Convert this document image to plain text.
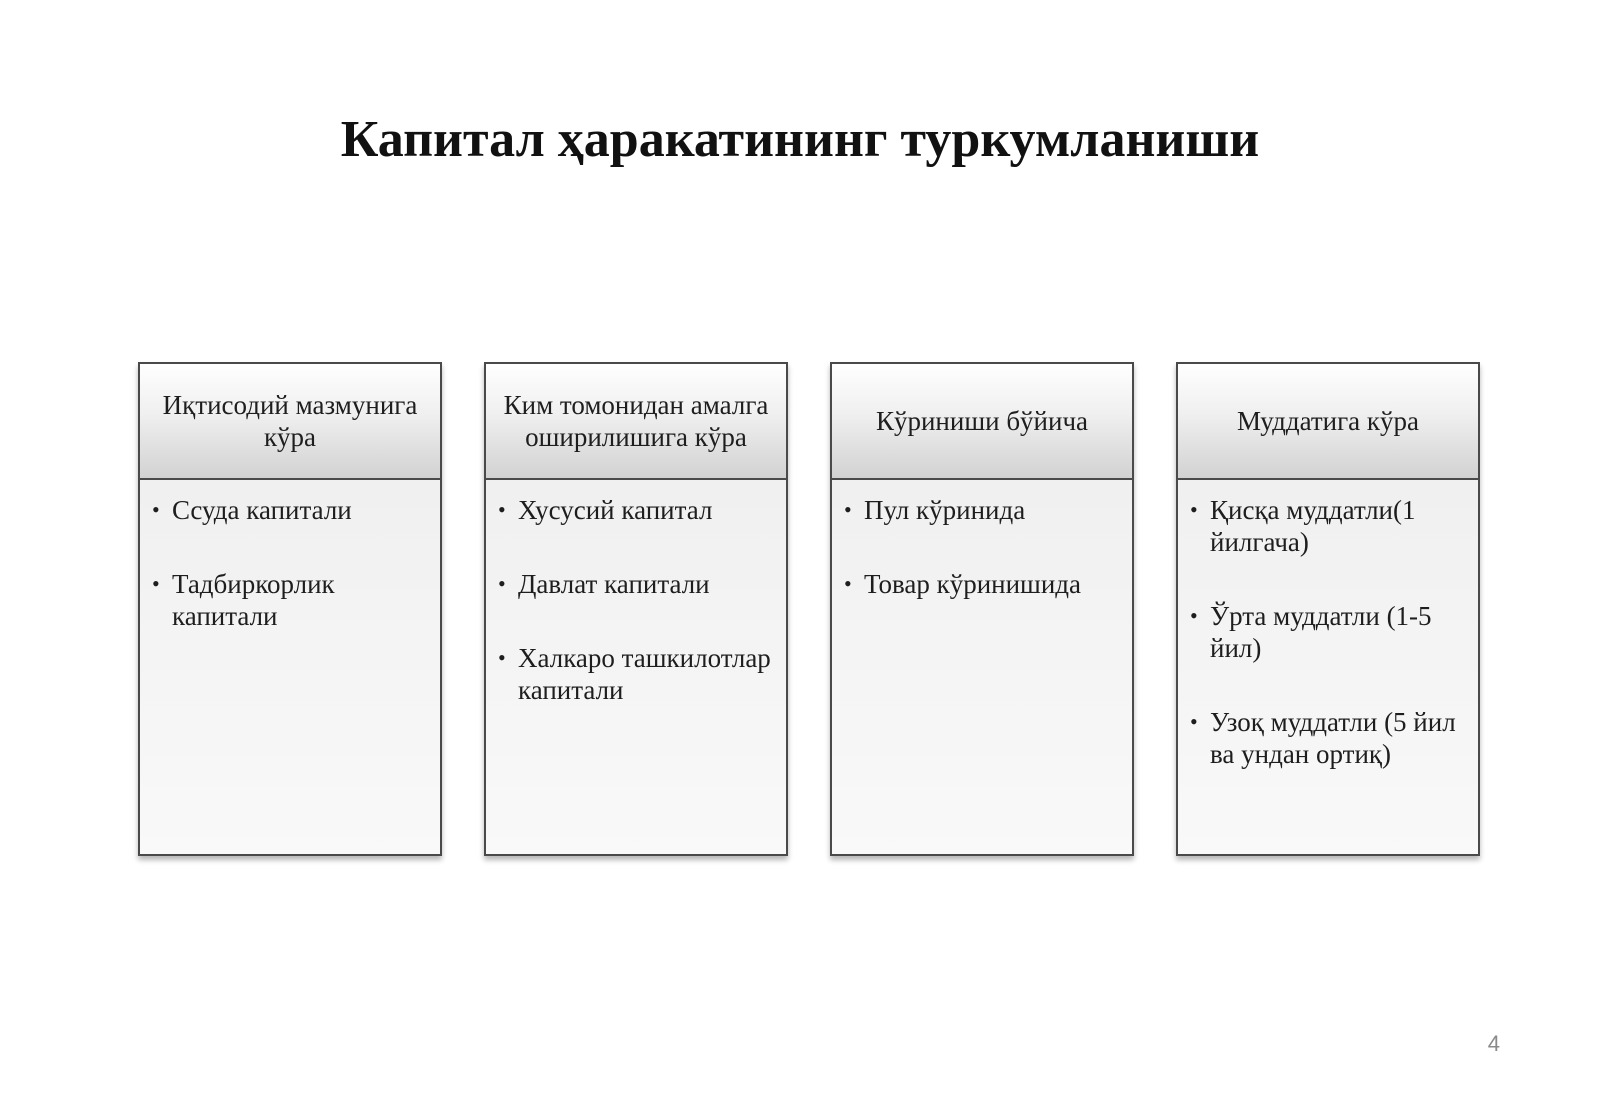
Капитал ҳаракатининг туркумланиши
Иқтисодий мазмунига кўра
• Ссуда капитали
• Тадбиркорлик капитали
Ким томонидан амалга оширилишига кўра
• Хусусий капитал
• Давлат капитали
• Халкаро ташкилотлар капитали
Кўриниши бўйича
• Пул кўринида
• Товар кўринишида
Муддатига кўра
• Қисқа муддатли(1 йилгача)
• Ўрта муддатли (1-5 йил)
• Узоқ муддатли (5 йил ва ундан ортиқ)
4
